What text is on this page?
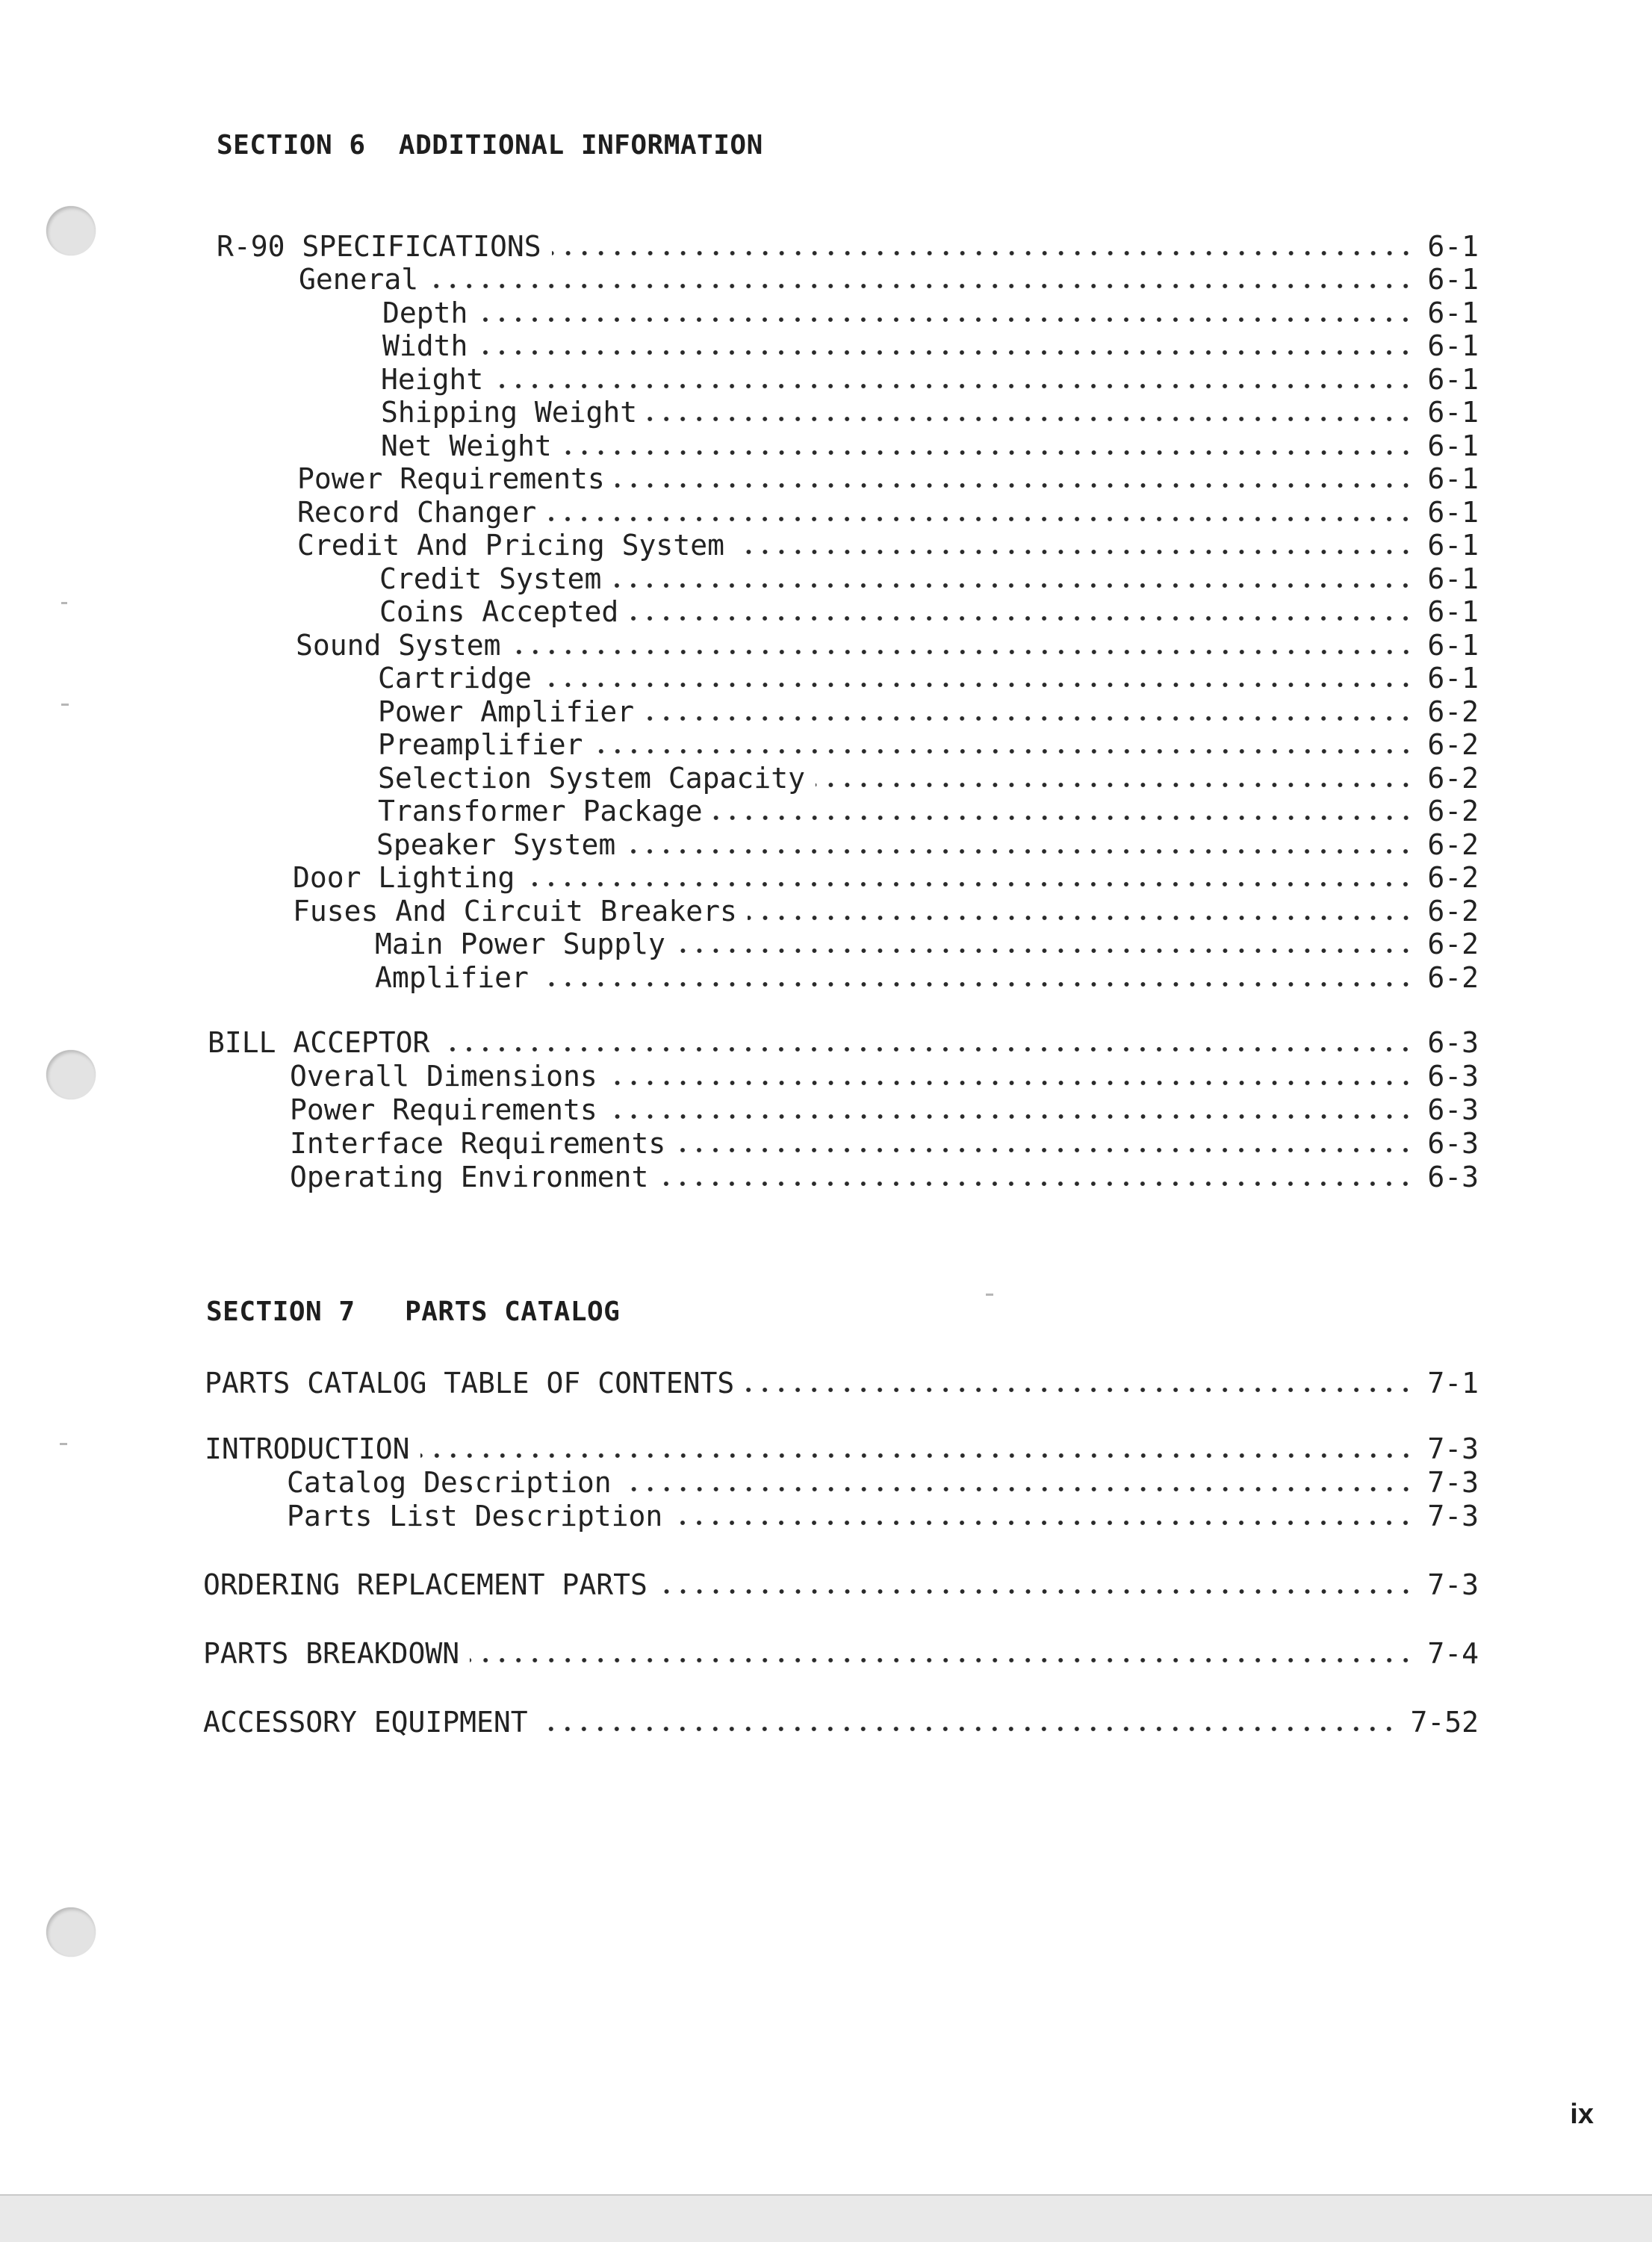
SECTION 6  ADDITIONAL INFORMATION
R-90 SPECIFICATIONS	6-1
General	6-1
Depth	6-1
Width	6-1
Height	6-1
Shipping Weight	6-1
Net Weight	6-1
Power Requirements	6-1
Record Changer	6-1
Credit And Pricing System	6-1
Credit System	6-1
Coins Accepted	6-1
Sound System	6-1
Cartridge	6-1
Power Amplifier	6-2
Preamplifier	6-2
Selection System Capacity	6-2
Transformer Package	6-2
Speaker System	6-2
Door Lighting	6-2
Fuses And Circuit Breakers	6-2
Main Power Supply	6-2
Amplifier	6-2
BILL ACCEPTOR	6-3
Overall Dimensions	6-3
Power Requirements	6-3
Interface Requirements	6-3
Operating Environment	6-3
SECTION 7   PARTS CATALOG
PARTS CATALOG TABLE OF CONTENTS	7-1
INTRODUCTION	7-3
Catalog Description	7-3
Parts List Description	7-3
ORDERING REPLACEMENT PARTS	7-3
PARTS BREAKDOWN	7-4
ACCESSORY EQUIPMENT	7-52
ix
